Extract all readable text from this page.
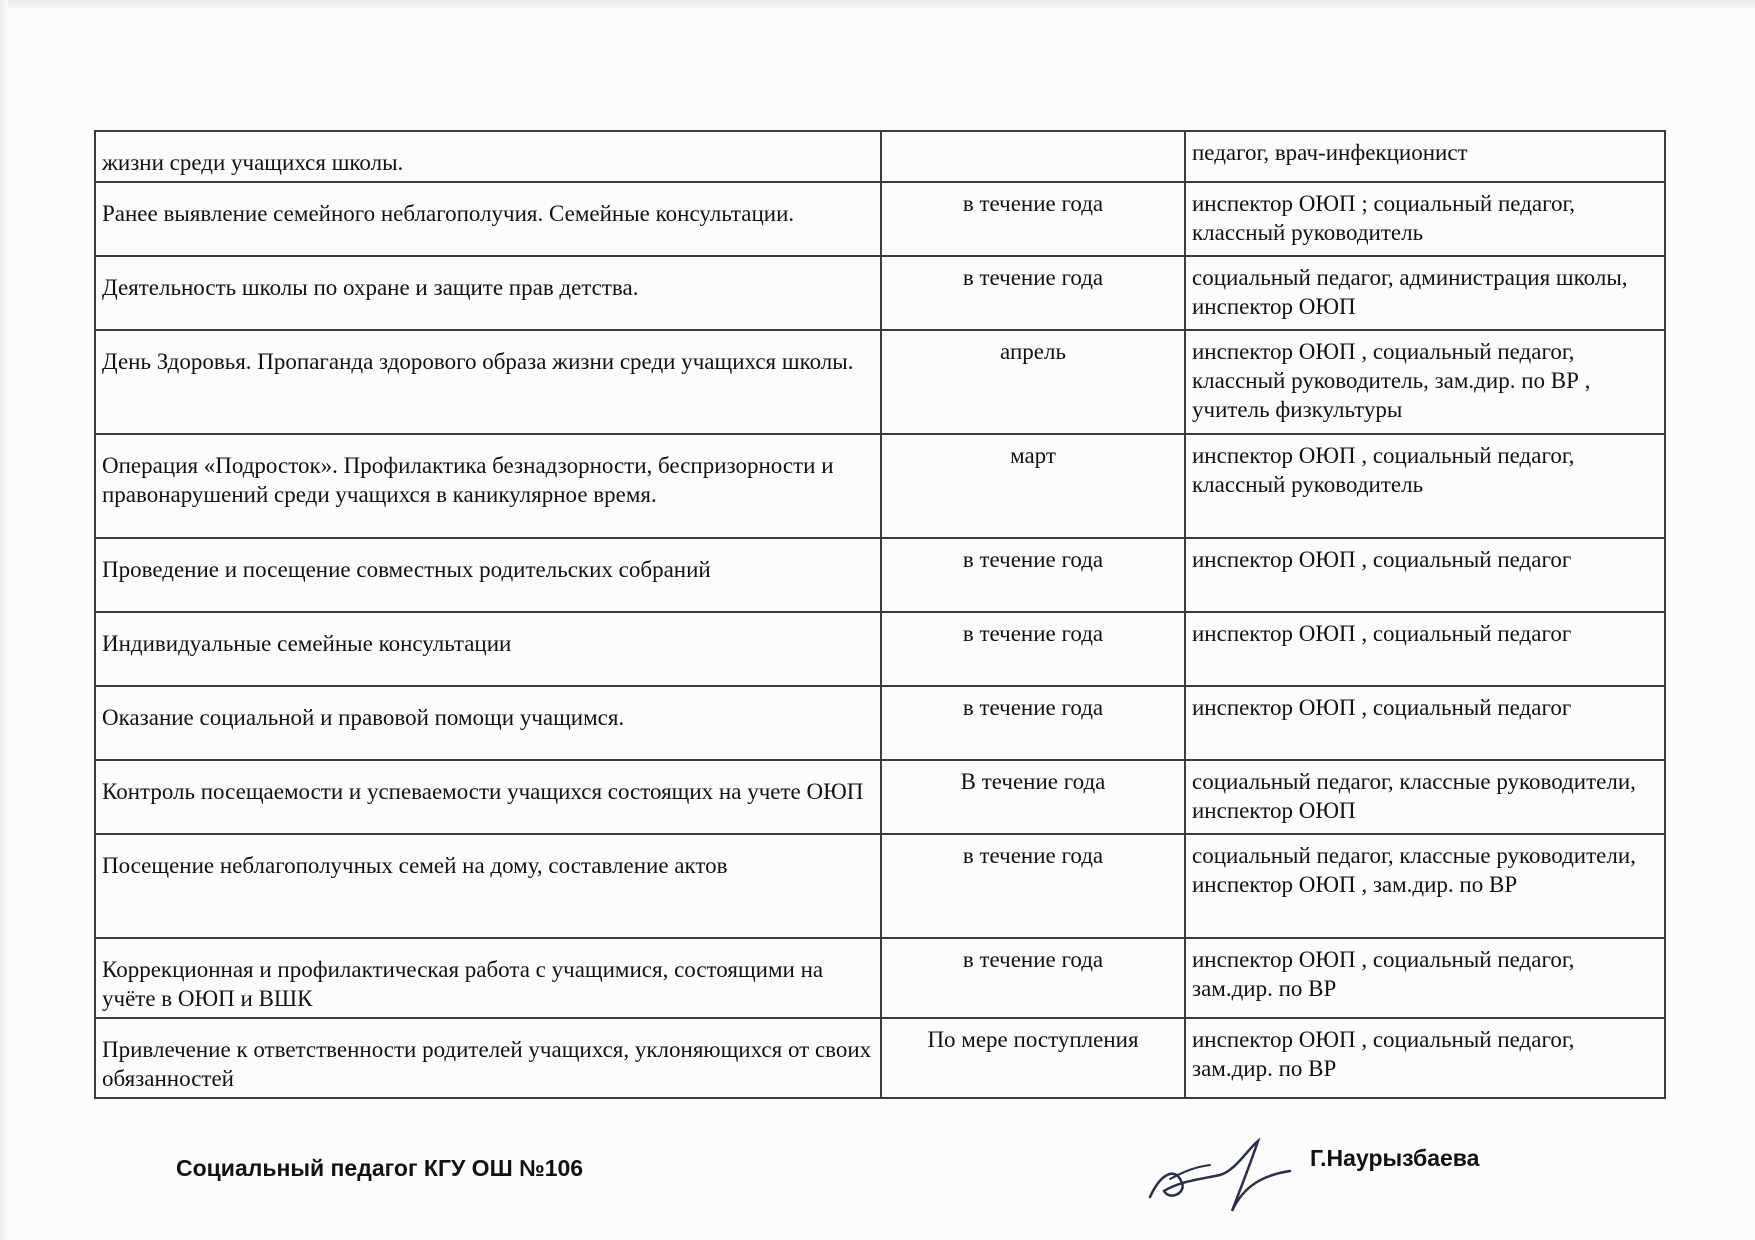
жизни среди учащихся школы.		педагог, врач-инфекционист

Ранее выявление семейного неблагополучия. Семейные консультации.	в течение года	инспектор ОЮП ; социальный педагог, классный руководитель

Деятельность школы по охране и защите прав детства.	в течение года	социальный педагог, администрация школы, инспектор ОЮП

День Здоровья. Пропаганда здорового образа жизни среди учащихся школы.	апрель	инспектор ОЮП , социальный педагог, классный руководитель, зам.дир. по ВР , учитель физкультуры

Операция «Подросток». Профилактика безнадзорности, беспризорности и правонарушений среди учащихся в каникулярное время.	март	инспектор ОЮП , социальный педагог, классный руководитель

Проведение и посещение совместных родительских собраний	в течение года	инспектор ОЮП , социальный педагог

Индивидуальные семейные консультации	в течение года	инспектор ОЮП , социальный педагог

Оказание социальной и правовой помощи учащимся.	в течение года	инспектор ОЮП , социальный педагог

Контроль посещаемости и успеваемости учащихся состоящих на учете ОЮП	В течение года	социальный педагог, классные руководители, инспектор ОЮП

Посещение неблагополучных семей на дому, составление актов	в течение года	социальный педагог, классные руководители, инспектор ОЮП , зам.дир. по ВР

Коррекционная и профилактическая работа с учащимися, состоящими на учёте в ОЮП и ВШК	в течение года	инспектор ОЮП , социальный педагог, зам.дир. по ВР

Привлечение к ответственности родителей учащихся, уклоняющихся от своих обязанностей	По мере поступления	инспектор ОЮП , социальный педагог, зам.дир. по ВР
Социальный педагог КГУ ОШ №106	Г.Наурызбаева
